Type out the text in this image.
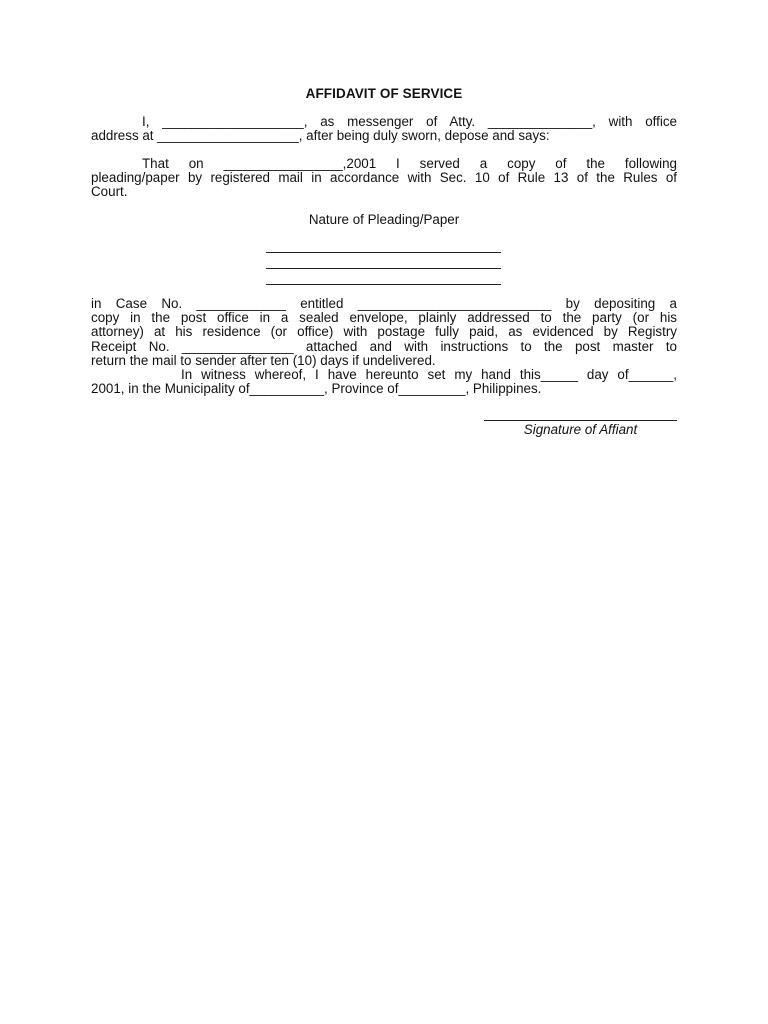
AFFIDAVIT OF SERVICE
I, ___________________, as messenger of Atty. ______________, with office
address at ___________________, after being duly sworn, depose and says:
That on ________________,2001 I served a copy of the following
pleading/paper by registered mail in accordance with Sec. 10 of Rule 13 of the Rules of
Court.
Nature of Pleading/Paper
in Case No. ____________ entitled __________________________ by depositing a
copy in the post office in a sealed envelope, plainly addressed to the party (or his
attorney) at his residence (or office) with postage fully paid, as evidenced by Registry
Receipt No. _______________ attached and with instructions to the post master to
return the mail to sender after ten (10) days if undelivered.
In witness whereof, I have hereunto set my hand this_____ day of______,
2001, in the Municipality of__________, Province of_________, Philippines.
Signature of Affiant
